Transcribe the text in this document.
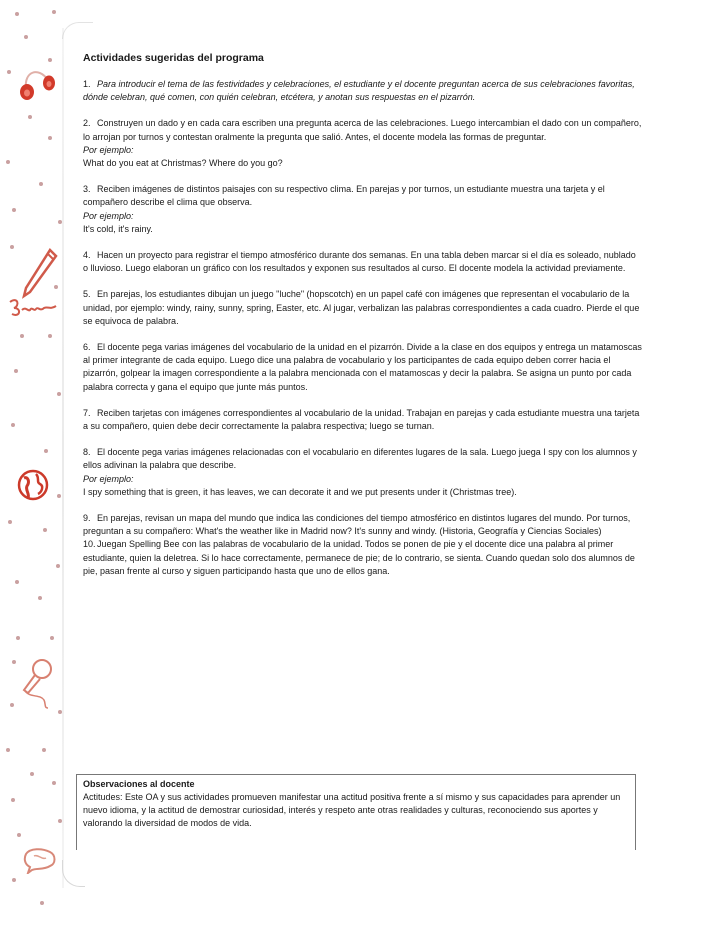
Actividades sugeridas del programa
1. Para introducir el tema de las festividades y celebraciones, el estudiante y el docente preguntan acerca de sus celebraciones favoritas, dónde celebran, qué comen, con quién celebran, etcétera, y anotan sus respuestas en el pizarrón.
2. Construyen un dado y en cada cara escriben una pregunta acerca de las celebraciones. Luego intercambian el dado con un compañero, lo arrojan por turnos y contestan oralmente la pregunta que salió. Antes, el docente modela las formas de preguntar.
Por ejemplo:
What do you eat at Christmas? Where do you go?
3. Reciben imágenes de distintos paisajes con su respectivo clima. En parejas y por turnos, un estudiante muestra una tarjeta y el compañero describe el clima que observa.
Por ejemplo:
It's cold, it's rainy.
4. Hacen un proyecto para registrar el tiempo atmosférico durante dos semanas. En una tabla deben marcar si el día es soleado, nublado o lluvioso. Luego elaboran un gráfico con los resultados y exponen sus resultados al curso. El docente modela la actividad previamente.
5. En parejas, los estudiantes dibujan un juego "luche" (hopscotch) en un papel café con imágenes que representan el vocabulario de la unidad, por ejemplo: windy, rainy, sunny, spring, Easter, etc. Al jugar, verbalizan las palabras correspondientes a cada cuadro. Pierde el que se equivoca de palabra.
6. El docente pega varias imágenes del vocabulario de la unidad en el pizarrón. Divide a la clase en dos equipos y entrega un matamoscas al primer integrante de cada equipo. Luego dice una palabra de vocabulario y los participantes de cada equipo deben correr hacia el pizarrón, golpear la imagen correspondiente a la palabra mencionada con el matamoscas y decir la palabra. Se asigna un punto por cada palabra correcta y gana el equipo que junte más puntos.
7. Reciben tarjetas con imágenes correspondientes al vocabulario de la unidad. Trabajan en parejas y cada estudiante muestra una tarjeta a su compañero, quien debe decir correctamente la palabra respectiva; luego se turnan.
8. El docente pega varias imágenes relacionadas con el vocabulario en diferentes lugares de la sala. Luego juega I spy con los alumnos y ellos adivinan la palabra que describe.
Por ejemplo:
I spy something that is green, it has leaves, we can decorate it and we put presents under it (Christmas tree).
9. En parejas, revisan un mapa del mundo que indica las condiciones del tiempo atmosférico en distintos lugares del mundo. Por turnos, preguntan a su compañero: What's the weather like in Madrid now? It's sunny and windy. (Historia, Geografía y Ciencias Sociales)
10.Juegan Spelling Bee con las palabras de vocabulario de la unidad. Todos se ponen de pie y el docente dice una palabra al primer estudiante, quien la deletrea. Si lo hace correctamente, permanece de pie; de lo contrario, se sienta. Cuando quedan solo dos alumnos de pie, pasan frente al curso y siguen participando hasta que uno de ellos gana.
Observaciones al docente
Actitudes: Este OA y sus actividades promueven manifestar una actitud positiva frente a sí mismo y sus capacidades para aprender un nuevo idioma, y la actitud de demostrar curiosidad, interés y respeto ante otras realidades y culturas, reconociendo sus aportes y valorando la diversidad de modos de vida.
